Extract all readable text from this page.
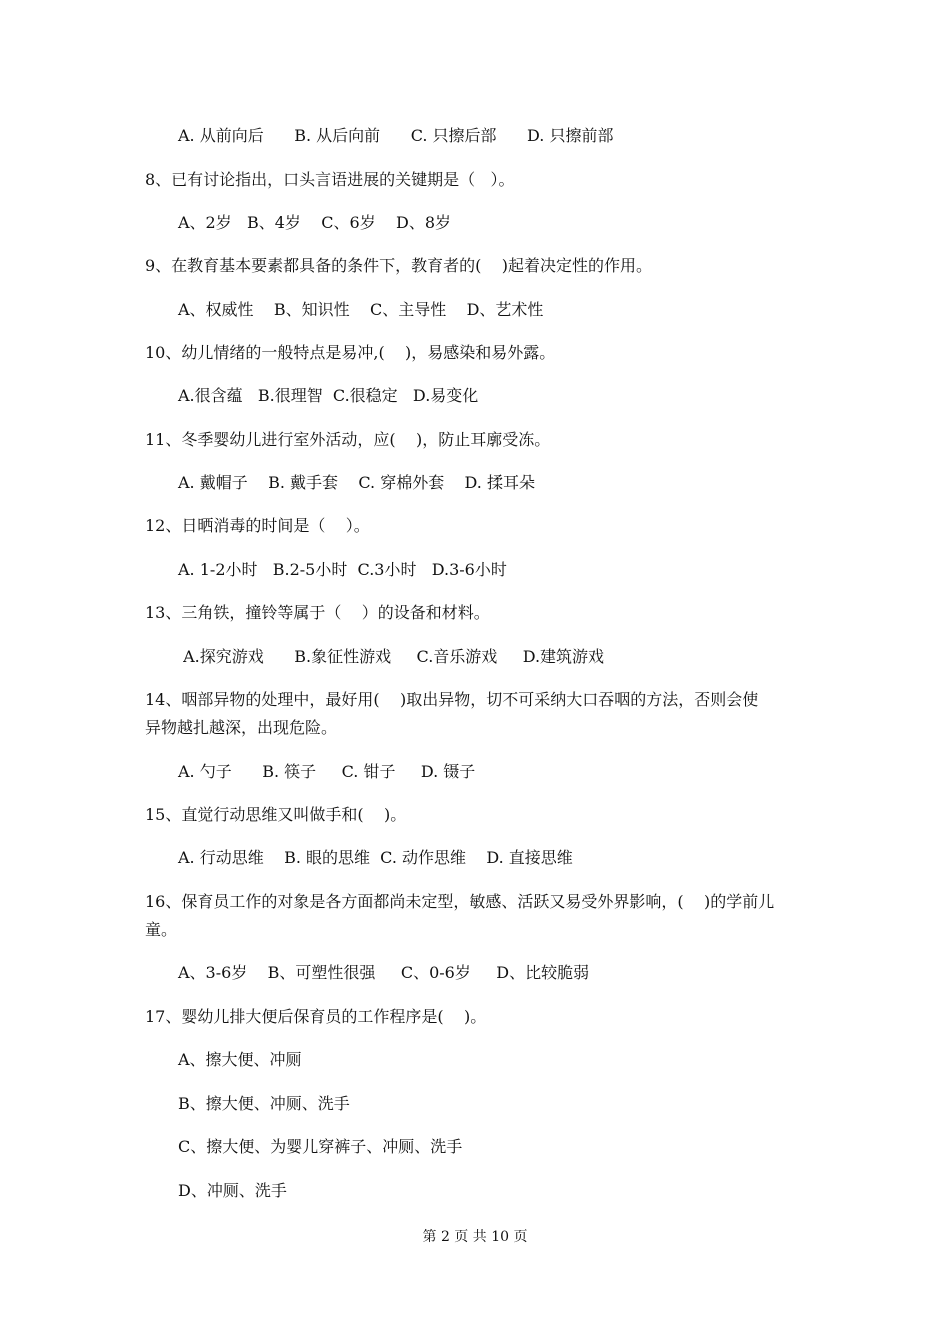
A. 从前向后      B. 从后向前      C. 只擦后部      D. 只擦前部
8、已有讨论指出，口头言语进展的关键期是（   ）。
A、2岁   B、4岁    C、6岁    D、8岁
9、在教育基本要素都具备的条件下，教育者的(    )起着决定性的作用。
A、权威性    B、知识性    C、主导性    D、艺术性
10、幼儿情绪的一般特点是易冲,(    )，易感染和易外露。
A.很含蕴   B.很理智  C.很稳定   D.易变化
11、冬季婴幼儿进行室外活动，应(    )，防止耳廓受冻。
A. 戴帽子    B. 戴手套    C. 穿棉外套    D. 揉耳朵
12、日晒消毒的时间是（    ）。
A. 1-2小时   B.2-5小时  C.3小时   D.3-6小时
13、三角铁，撞铃等属于（    ）的设备和材料。
A.探究游戏      B.象征性游戏     C.音乐游戏     D.建筑游戏
14、咽部异物的处理中，最好用(    )取出异物，切不可采纳大口吞咽的方法，否则会使
异物越扎越深，出现危险。
A. 勺子      B. 筷子     C. 钳子     D. 镊子
15、直觉行动思维又叫做手和(    )。
A. 行动思维    B. 眼的思维  C. 动作思维    D. 直接思维
16、保育员工作的对象是各方面都尚未定型，敏感、活跃又易受外界影响，(    )的学前儿
童。
A、3-6岁    B、可塑性很强     C、0-6岁     D、比较脆弱
17、婴幼儿排大便后保育员的工作程序是(    )。
A、擦大便、冲厕
B、擦大便、冲厕、洗手
C、擦大便、为婴儿穿裤子、冲厕、洗手
D、冲厕、洗手
第 2 页 共 10 页
